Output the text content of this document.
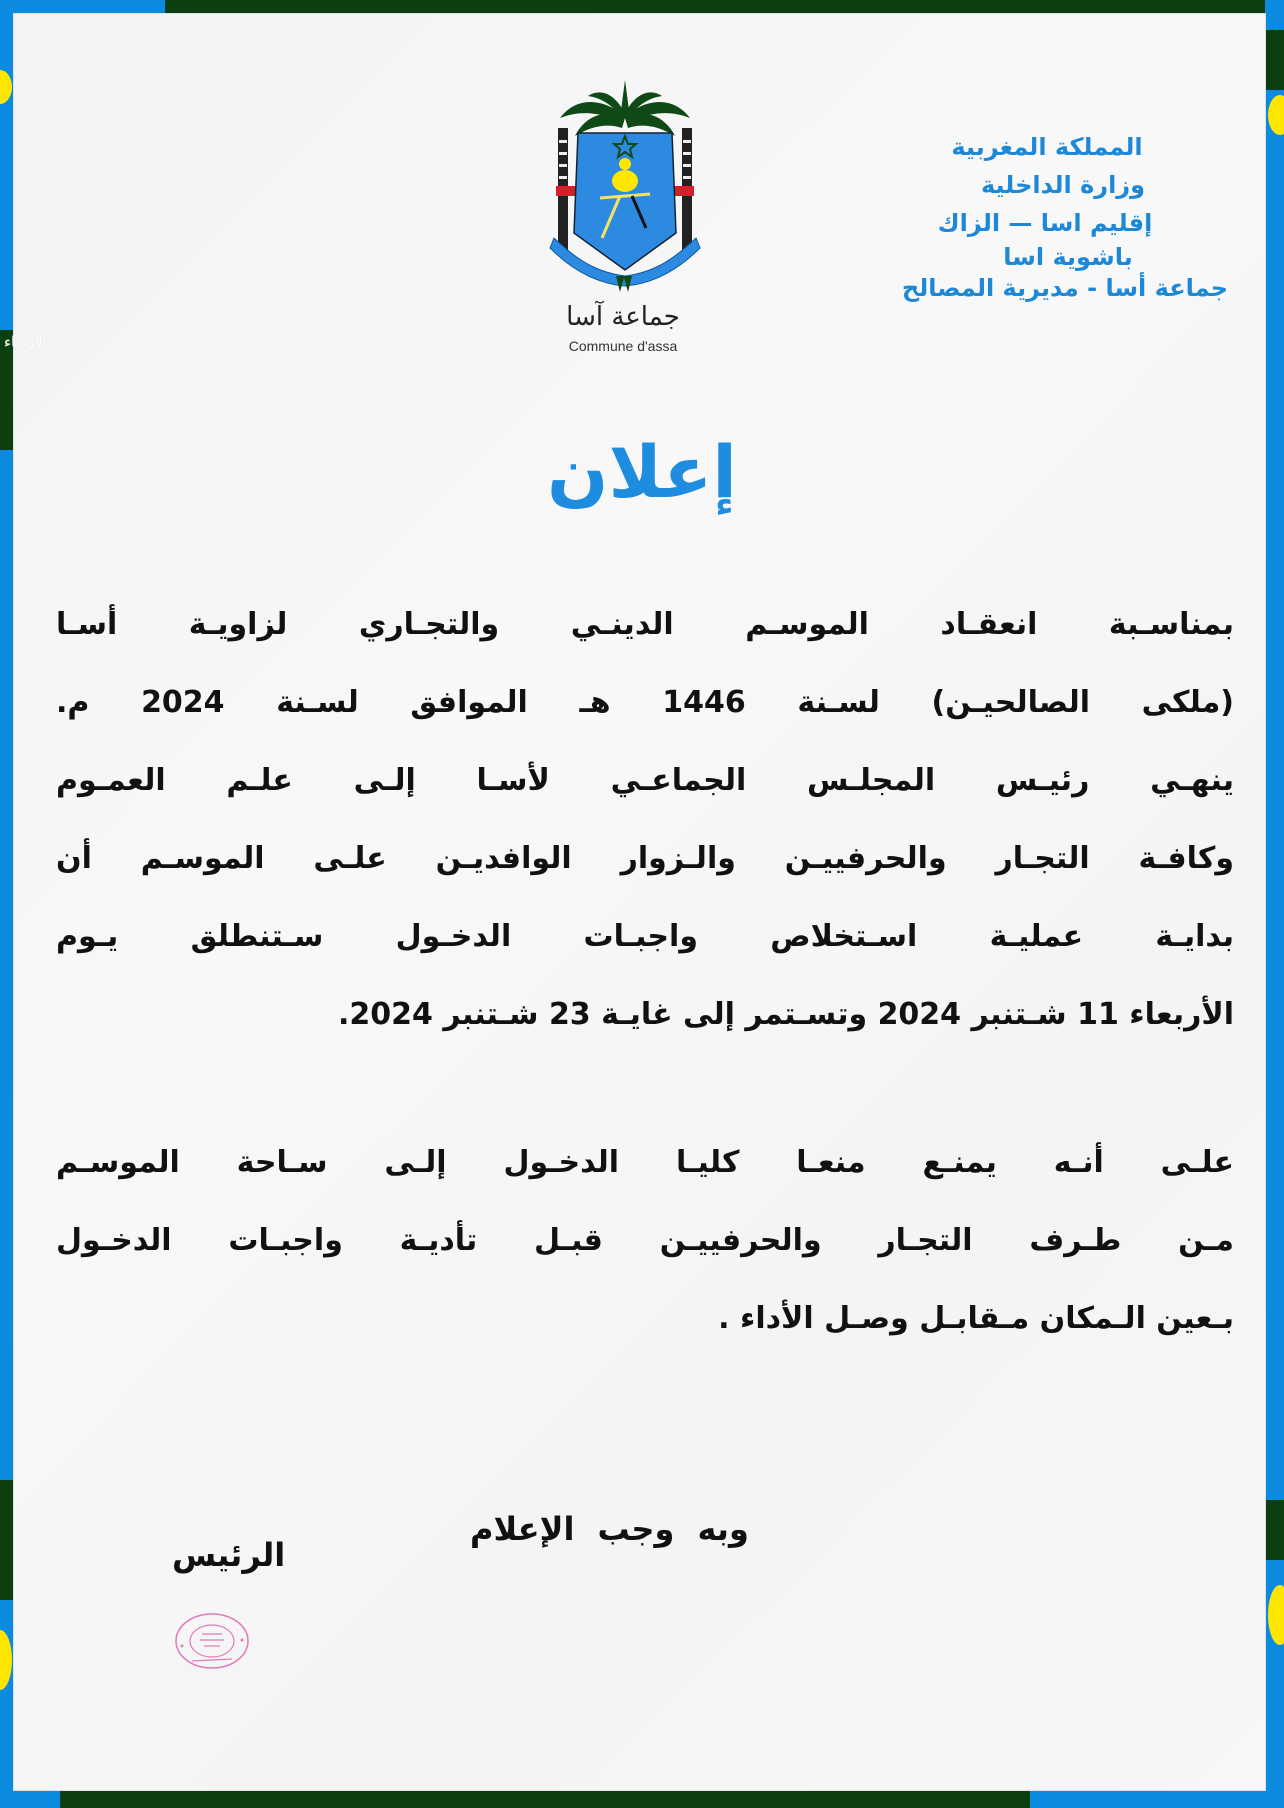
الأربعاء
المملكة المغربية
وزارة الداخلية
إقليم اسا — الزاك
باشوية اسا
جماعة أسا - مديرية المصالح
جماعة آسا
Commune d'assa
إعلان
بمناسـبة انعقـاد الموسـم الدينـي والتجـاري لزاويـة أسـا
(ملكى الصالحيـن) لسـنة 1446 هـ الموافق لسـنة 2024 م.
ينهـي رئيـس المجلـس الجماعـي لأسـا إلـى علـم العمـوم
وكافـة التجـار والحرفييـن والـزوار الوافديـن علـى الموسـم أن
بدايـة عمليـة اسـتخلاص واجبـات الدخـول سـتنطلق يـوم
الأربعاء 11 شـتنبر 2024 وتسـتمر إلى غايـة 23 شـتنبر 2024.
علـى أنـه يمنـع منعـا كليـا الدخـول إلـى سـاحة الموسـم
مـن طـرف التجـار والحرفييـن قبـل تأديـة واجبـات الدخـول
بـعين الـمكان مـقابـل وصـل الأداء .
وبه وجب الإعلام
الرئيس
